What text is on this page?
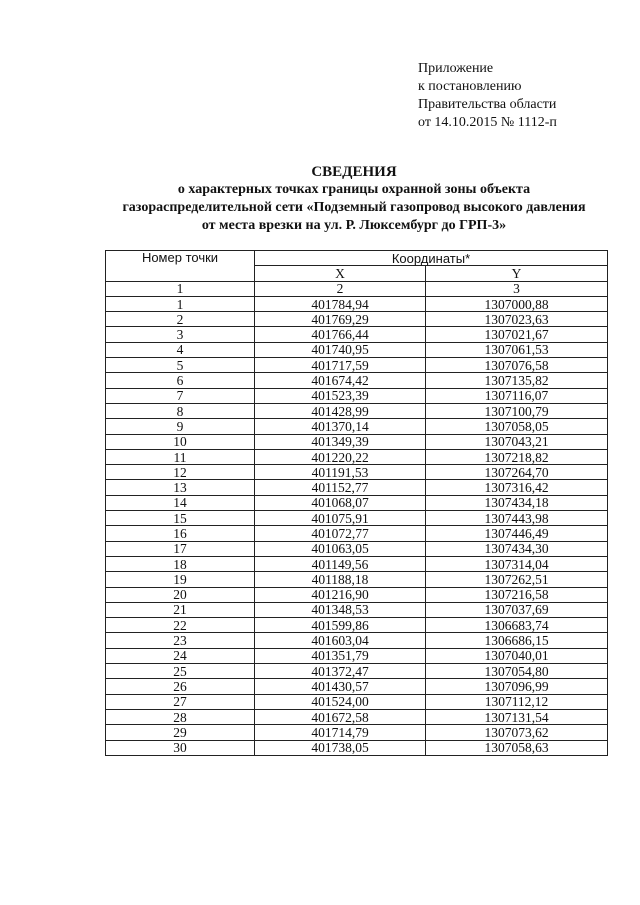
Приложение
к постановлению
Правительства области
от 14.10.2015 № 1112-п
СВЕДЕНИЯ
о характерных точках границы охранной зоны объекта
газораспределительной сети «Подземный газопровод высокого давления
от места врезки на ул. Р. Люксембург до ГРП-3»
Номер точки	Координаты*	
	X	Y
1	2	3
1	401784,94	1307000,88
2	401769,29	1307023,63
3	401766,44	1307021,67
4	401740,95	1307061,53
5	401717,59	1307076,58
6	401674,42	1307135,82
7	401523,39	1307116,07
8	401428,99	1307100,79
9	401370,14	1307058,05
10	401349,39	1307043,21
11	401220,22	1307218,82
12	401191,53	1307264,70
13	401152,77	1307316,42
14	401068,07	1307434,18
15	401075,91	1307443,98
16	401072,77	1307446,49
17	401063,05	1307434,30
18	401149,56	1307314,04
19	401188,18	1307262,51
20	401216,90	1307216,58
21	401348,53	1307037,69
22	401599,86	1306683,74
23	401603,04	1306686,15
24	401351,79	1307040,01
25	401372,47	1307054,80
26	401430,57	1307096,99
27	401524,00	1307112,12
28	401672,58	1307131,54
29	401714,79	1307073,62
30	401738,05	1307058,63
